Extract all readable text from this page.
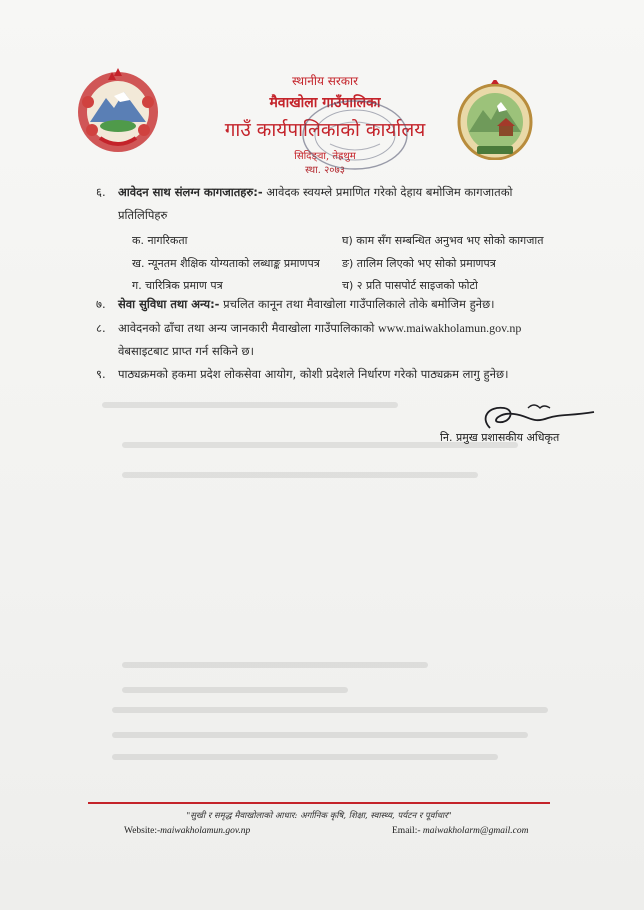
स्थानीय सरकार
मैवाखोला गाउँपालिका
गाउँ कार्यपालिकाको कार्यालय
सिदिङ्वा, तेह्रथुम
स्था. २०७३
६. आवेदन साथ संलग्न कागजातहरु:- आवेदक स्वयम्ले प्रमाणित गरेको देहाय बमोजिम कागजातको
प्रतिलिपिहरु
क. नागरिकता	घ) काम सँग सम्बन्धित अनुभव भए सोको कागजात
ख. न्यूनतम शैक्षिक योग्यताको लब्धाङ्क प्रमाणपत्र ङ) तालिम लिएको भए सोको प्रमाणपत्र
ग. चारित्रिक प्रमाण पत्र	च) २ प्रति पासपोर्ट साइजको फोटो
७. सेवा सुविधा तथा अन्य:- प्रचलित कानून तथा मैवाखोला गाउँपालिकाले तोके बमोजिम हुनेछ।
८. आवेदनको ढाँचा तथा अन्य जानकारी मैवाखोला गाउँपालिकाको www.maiwakholamun.gov.np
वेबसाइटबाट प्राप्त गर्न सकिने छ।
९. पाठ्यक्रमको हकमा प्रदेश लोकसेवा आयोग, कोशी प्रदेशले निर्धारण गरेको पाठ्यक्रम लागु हुनेछ।
नि. प्रमुख प्रशासकीय अधिकृत
"सुखी र समृद्ध मैवाखोलाको आधार: अर्गानिक कृषि, शिक्षा, स्वास्थ्य, पर्यटन र पूर्वाधार"
Website:-maiwakholamun.gov.np	Email:- maiwakholarm@gmail.com
